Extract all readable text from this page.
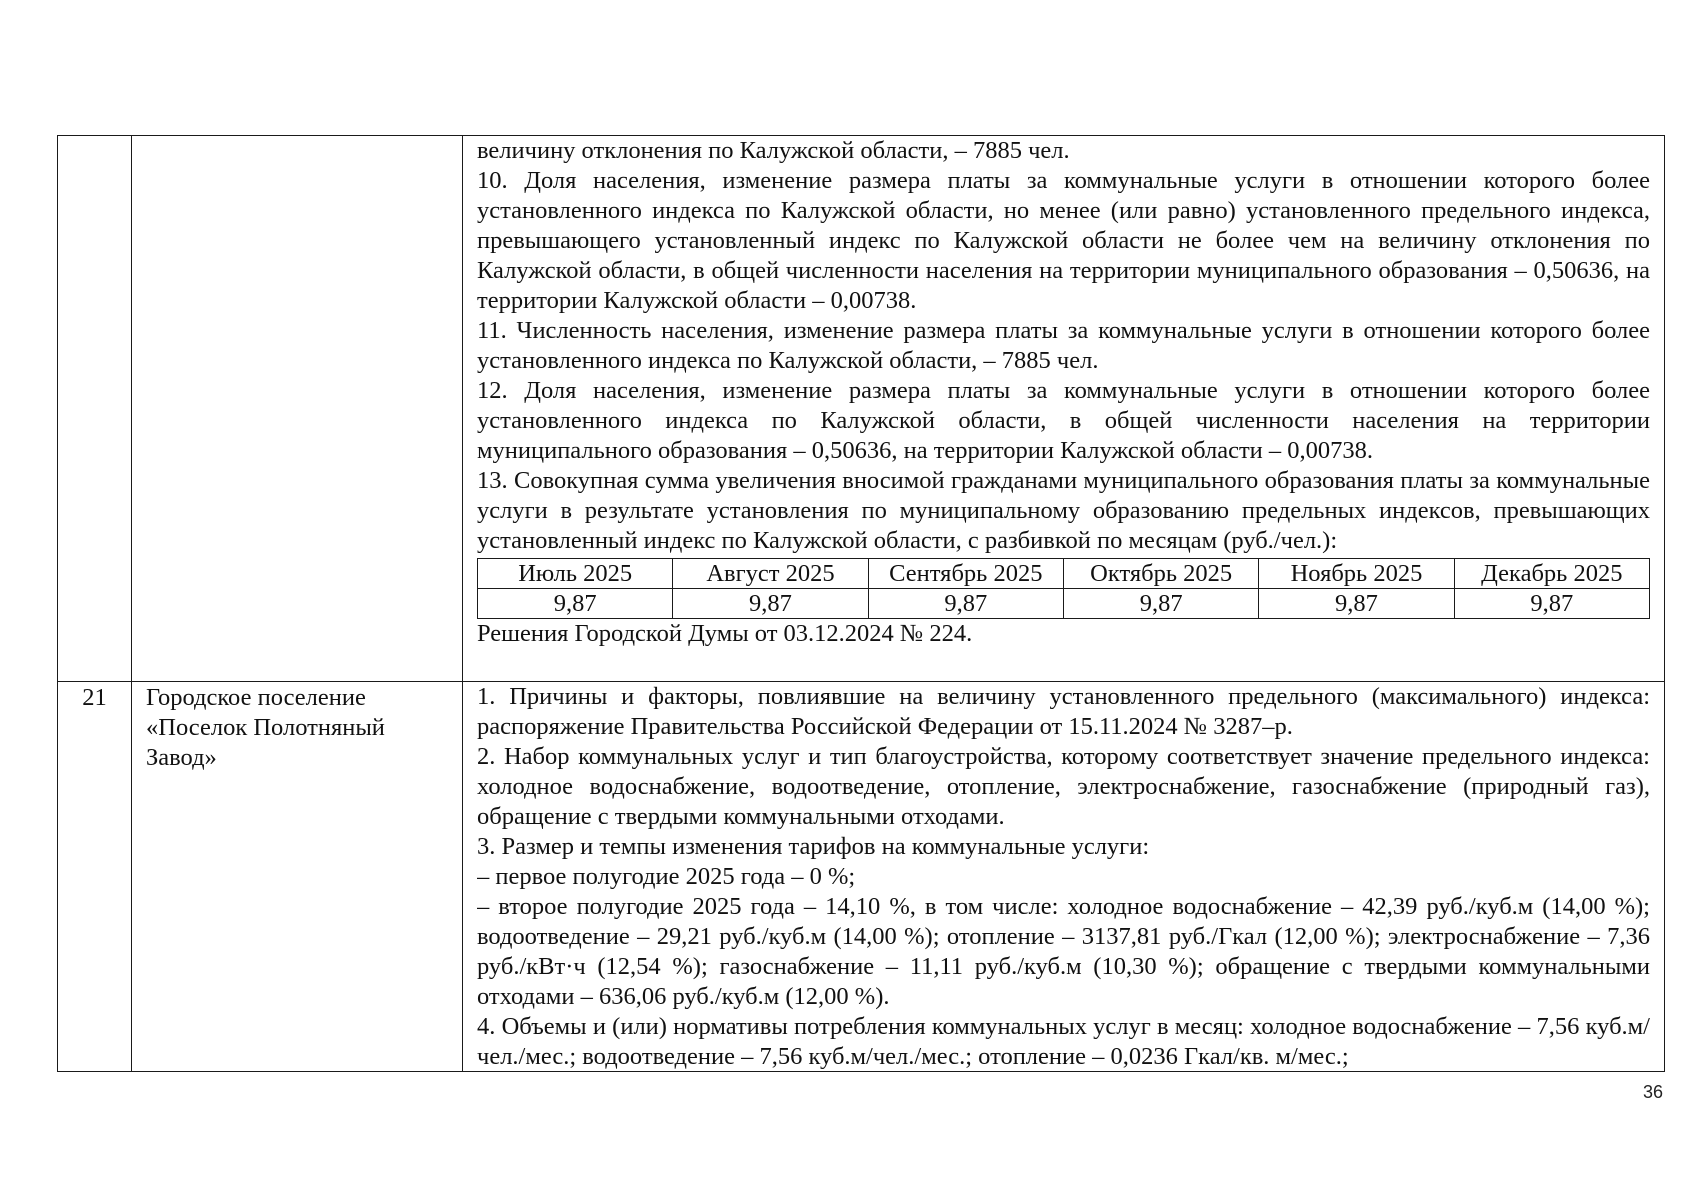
величину отклонения по Калужской области, – 7885 чел.

10. Доля населения, изменение размера платы за коммунальные услуги в отношении которого более установленного индекса по Калужской области, но менее (или равно) установленного предельного индекса, превышающего установленный индекс по Калужской области не более чем на величину отклонения по Калужской области, в общей численности населения на территории муниципального образования – 0,50636, на территории Калужской области – 0,00738.

11. Численность населения, изменение размера платы за коммунальные услуги в отношении которого более установленного индекса по Калужской области, – 7885 чел.

12. Доля населения, изменение размера платы за коммунальные услуги в отношении которого более установленного индекса по Калужской области, в общей численности населения на территории муниципального образования – 0,50636, на территории Калужской области – 0,00738.

13. Совокупная сумма увеличения вносимой гражданами муниципального образования платы за коммунальные услуги в результате установления по муниципальному образованию предельных индексов, превышающих установленный индекс по Калужской области, с разбивкой по месяцам (руб./чел.):

Июль 2025	Август 2025	Сентябрь 2025	Октябрь 2025	Ноябрь 2025	Декабрь 2025
9,87	9,87	9,87	9,87	9,87	9,87

Решения Городской Думы от 03.12.2024 № 224.

21	Городское поселение «Поселок Полотняный Завод»	

1. Причины и факторы, повлиявшие на величину установленного предельного (максимального) индекса: распоряжение Правительства Российской Федерации от 15.11.2024 № 3287–р.

2. Набор коммунальных услуг и тип благоустройства, которому соответствует значение предельного индекса: холодное водоснабжение, водоотведение, отопление, электроснабжение, газоснабжение (природный газ), обращение с твердыми коммунальными отходами.

3. Размер и темпы изменения тарифов на коммунальные услуги:

– первое полугодие 2025 года – 0 %;

– второе полугодие 2025 года – 14,10 %, в том числе: холодное водоснабжение – 42,39 руб./куб.м (14,00 %); водоотведение – 29,21 руб./куб.м (14,00 %); отопление – 3137,81 руб./Гкал (12,00 %); электроснабжение – 7,36 руб./кВт·ч (12,54 %); газоснабжение – 11,11 руб./куб.м (10,30 %); обращение с твердыми коммунальными отходами – 636,06 руб./куб.м (12,00 %).

4. Объемы и (или) нормативы потребления коммунальных услуг в месяц: холодное водоснабжение – 7,56 куб.м/чел./мес.; водоотведение – 7,56 куб.м/чел./мес.; отопление – 0,0236 Гкал/кв. м/мес.;

36
